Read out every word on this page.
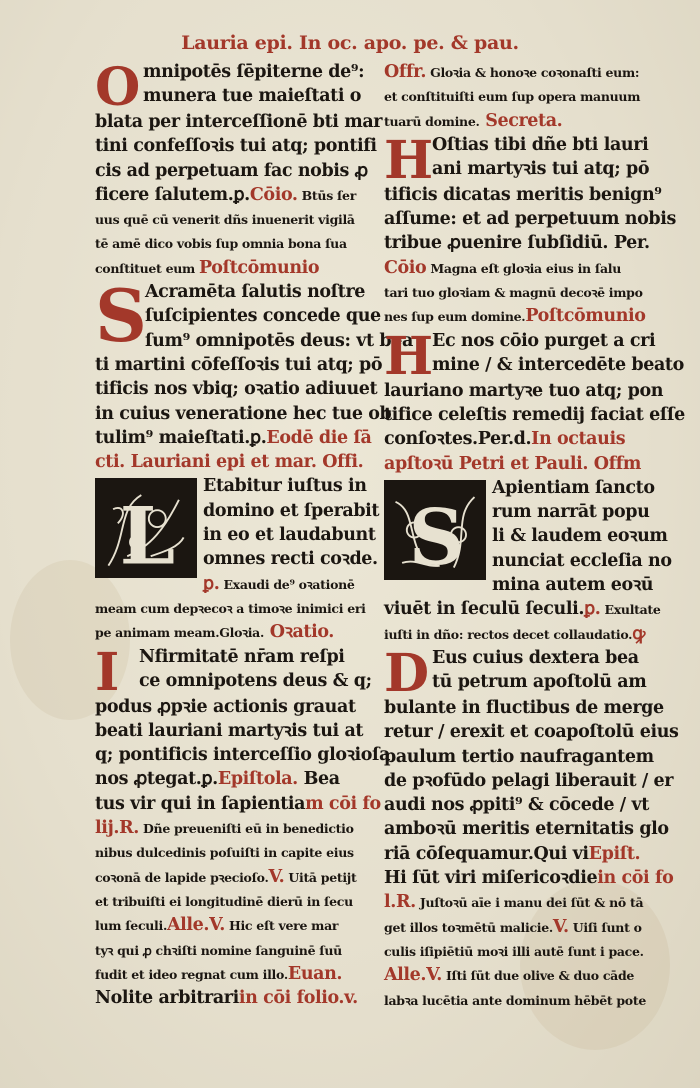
Lauria epi. In oc. apo. pe. & pau.
O mnipotēs ſēpiterne de⁹:
munera tue maieſtati o
blata per interceſſionē bti mar
tini confeſſoꝛis tui atq; pontifi
cis ad perpetuam fac nobis ꝓ
ficere ſalutem.ꝑ.Cōio. Btūs ſer
uus quē cū venerit dñs inuenerit vigilā
tē amē dico vobis ſup omnia bona ſua
conſtituet eum Poſtcōmunio
S
Acramēta ſalutis noſtre
ſuſcipientes concede que
ſum⁹ omnipotēs deus: vt bea
ti martini cōfeſſoꝛis tui atq; pō
tificis nos vbiq; oꝛatio adiuuet
in cuius veneratione hec tue ob
tulim⁹ maieſtati.ꝑ.Eodē die ſā
cti. Lauriani epi et mar. Offi.
L
Etabitur iuſtus in
domino et ſperabit
in eo et laudabunt
omnes recti coꝛde.
ꝑ. Exaudi de⁹ oꝛationē
meam cum depꝛecoꝛ a timoꝛe inimici eri
pe animam meam.Gloꝛia. Oꝛatio.
I	Nfirmitatē nr̄am reſpi
ce omnipotens deus & q;
podus ꝓpꝛie actionis grauat
beati lauriani martyꝛis tui at
q; pontificis interceſſio gloꝛioſa
nos ꝓtegat.ꝑ.Epiſtola. Bea
tus vir qui in ſapientiam cōi fo
lij.R. Dñe preueniſti eū in benedictio
nibus dulcedinis poſuiſti in capite eius
coꝛonā de lapide pꝛecioſo.V. Uitā petijt
et tribuiſti ei longitudinē dierū in ſecu
lum ſeculi.Alle.V. Hic eſt vere mar
tyꝛ qui ꝓ chꝛiſti nomine ſanguinē ſuū
fudit et ideo regnat cum illo.Euan.
Nolite arbitrariin cōi folio.v.
Offr. Gloꝛia & honoꝛe coꝛonaſti eum:
et conſtituiſti eum ſup opera manuum
tuarū domine. Secreta.
H
Oſtias tibi dñe bti lauri
ani martyꝛis tui atq; pō
tificis dicatas meritis benign⁹
aſſume: et ad perpetuum nobis
tribue ꝓuenire ſubſidiū. Per.
Cōio Magna eſt gloꝛia eius in ſalu
tari tuo gloꝛiam & magnū decoꝛē impo
nes ſup eum domine.Poſtcōmunio
H
Ec nos cōio purget a cri
mine / & intercedēte beato
lauriano martyꝛe tuo atq; pon
tifice celeſtis remedij faciat eſſe
conſoꝛtes.Per.d.In octauis
apſtoꝛū Petri et Pauli. Offm
S
Apientiam ſancto
rum narrāt popu
li & laudem eoꝛum
nunciat eccleſia no
mina autem eoꝛū
viuēt in ſeculū ſeculi.ꝑ. Exultate
iuſti in dño: rectos decet collaudatio.ꝙ
D Eus cuius dextera bea
tū petrum apoſtolū am
bulante in fluctibus de merge
retur / erexit et coapoſtolū eius
paulum tertio naufragantem
de pꝛofūdo pelagi liberauit / er
audi nos ꝓpiti⁹ & cōcede / vt
amboꝛū meritis eternitatis glo
riā cōſequamur.Qui viEpiſt.
Hi ſūt viri miſericoꝛdiein cōi fo
l.R. Juſtoꝛū aīe i manu dei ſūt & nō tā
get illos toꝛmētū malicie.V. Uiſi ſunt o
culis iſipiētiū moꝛi illi autē ſunt i pace.
Alle.V. Iſti ſūt due olive & duo cāde
labꝛa lucētia ante dominum hēbēt pote
